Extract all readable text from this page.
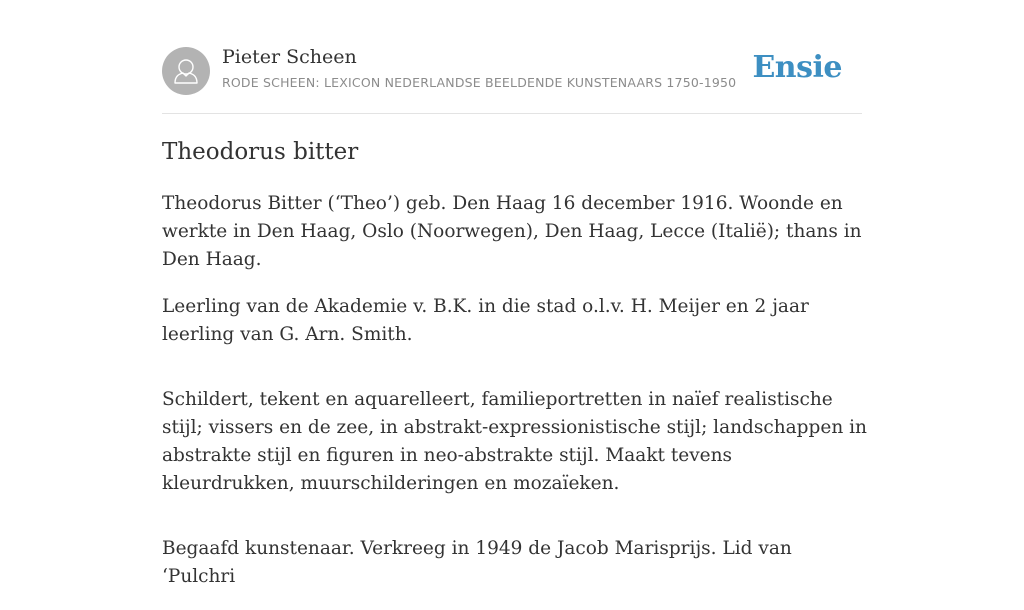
Pieter Scheen
RODE SCHEEN: LEXICON NEDERLANDSE BEELDENDE KUNSTENAARS 1750-1950 Ensie
Theodorus bitter

Theodorus Bitter (‘Theo’) geb. Den Haag 16 december 1916. Woonde en werkte in Den Haag, Oslo (Noorwegen), Den Haag, Lecce (Italië); thans in Den Haag.

Leerling van de Akademie v. B.K. in die stad o.l.v. H. Meijer en 2 jaar leerling van G. Arn. Smith.

Schildert, tekent en aquarelleert, familieportretten in naïef realistische stijl; vissers en de zee, in abstrakt-expressionistische stijl; landschappen in abstrakte stijl en figuren in neo-abstrakte stijl. Maakt tevens kleurdrukken, muurschilderingen en mozaïeken.

Begaafd kunstenaar. Verkreeg in 1949 de Jacob Marisprijs. Lid van ‘Pulchri
